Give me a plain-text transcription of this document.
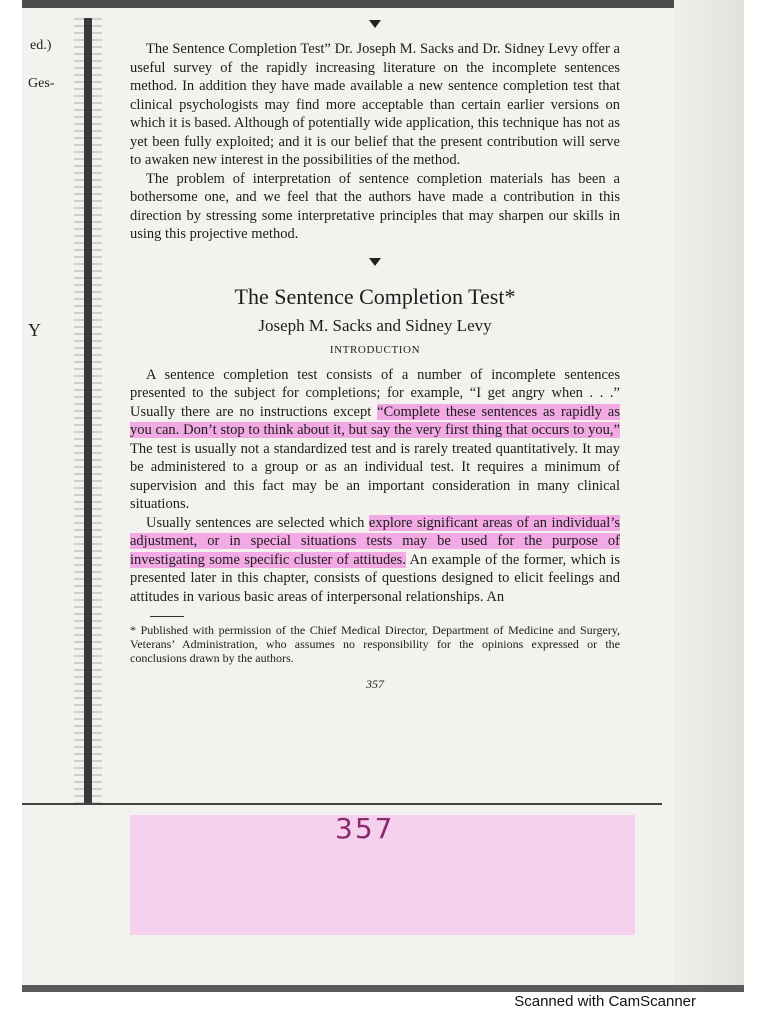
ed.)
Ges-
Y

The Sentence Completion Test” Dr. Joseph M. Sacks and Dr. Sidney Levy offer a useful survey of the rapidly increasing literature on the incomplete sentences method. In addition they have made available a new sentence completion test that clinical psychologists may find more acceptable than certain earlier versions on which it is based. Although of potentially wide application, this technique has not as yet been fully exploited; and it is our belief that the present contribution will serve to awaken new interest in the possibilities of the method.

The problem of interpretation of sentence completion materials has been a bothersome one, and we feel that the authors have made a contribution in this direction by stressing some interpretative principles that may sharpen our skills in using this projective method.

The Sentence Completion Test*
Joseph M. Sacks and Sidney Levy
INTRODUCTION

A sentence completion test consists of a number of incomplete sentences presented to the subject for completions; for example, “I get angry when . . .” Usually there are no instructions except “Complete these sentences as rapidly as you can. Don’t stop to think about it, but say the very first thing that occurs to you,” The test is usually not a standardized test and is rarely treated quantitatively. It may be administered to a group or as an individual test. It requires a minimum of supervision and this fact may be an important consideration in many clinical situations.

Usually sentences are selected which explore significant areas of an individual’s adjustment, or in special situations tests may be used for the purpose of investigating some specific cluster of attitudes. An example of the former, which is presented later in this chapter, consists of questions designed to elicit feelings and attitudes in various basic areas of interpersonal relationships. An

* Published with permission of the Chief Medical Director, Department of Medicine and Surgery, Veterans’ Administration, who assumes no responsibility for the opinions expressed or the conclusions drawn by the authors.

357
357
Scanned with CamScanner
